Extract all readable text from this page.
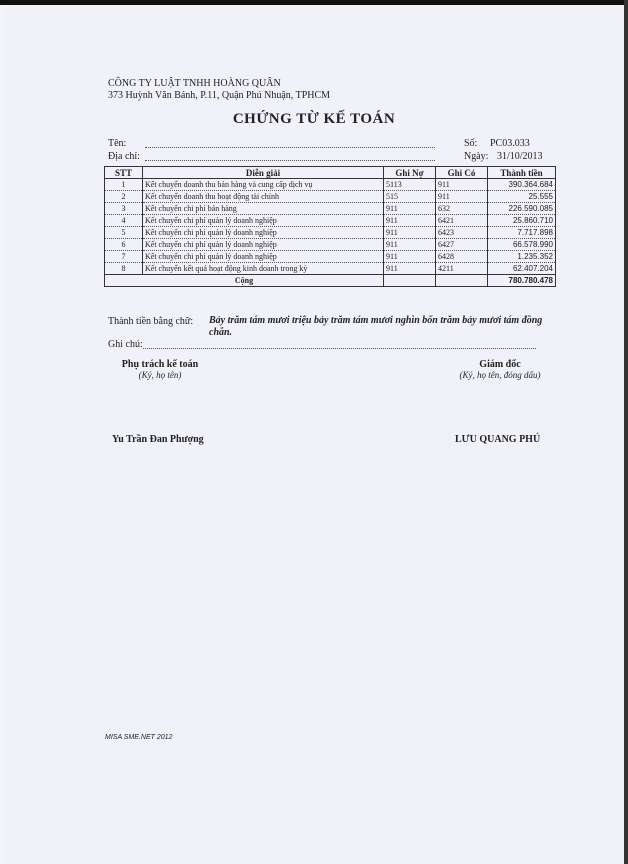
CÔNG TY LUẬT TNHH HOÀNG QUÂN
373 Huỳnh Văn Bánh, P.11, Quận Phú Nhuận, TPHCM
CHỨNG TỪ KẾ TOÁN
Tên:
Địa chỉ:
Số: PC03.033
Ngày: 31/10/2013
STT	Diễn giải	Ghi Nợ	Ghi Có	Thành tiền
1	Kết chuyển doanh thu bán hàng và cung cấp dịch vụ	5113	911	390.364.684
2	Kết chuyển doanh thu hoạt động tài chính	515	911	25.555
3	Kết chuyển chi phí bán hàng	911	632	226.590.085
4	Kết chuyển chi phí quản lý doanh nghiệp	911	6421	25.860.710
5	Kết chuyển chi phí quản lý doanh nghiệp	911	6423	7.717.898
6	Kết chuyển chi phí quản lý doanh nghiệp	911	6427	66.578.990
7	Kết chuyển chi phí quản lý doanh nghiệp	911	6428	1.235.352
8	Kết chuyển kết quả hoạt động kinh doanh trong kỳ	911	4211	62.407.204
Cộng				780.780.478
Thành tiền bằng chữ: Bảy trăm tám mươi triệu bảy trăm tám mươi nghìn bốn trăm bảy mươi tám đồng chẵn.
Ghi chú:
Phụ trách kế toán
(Ký, họ tên)
Giám đốc
(Ký, họ tên, đóng dấu)
Yu Trần Đan Phượng	LƯU QUANG PHÚ
MISA SME.NET 2012
